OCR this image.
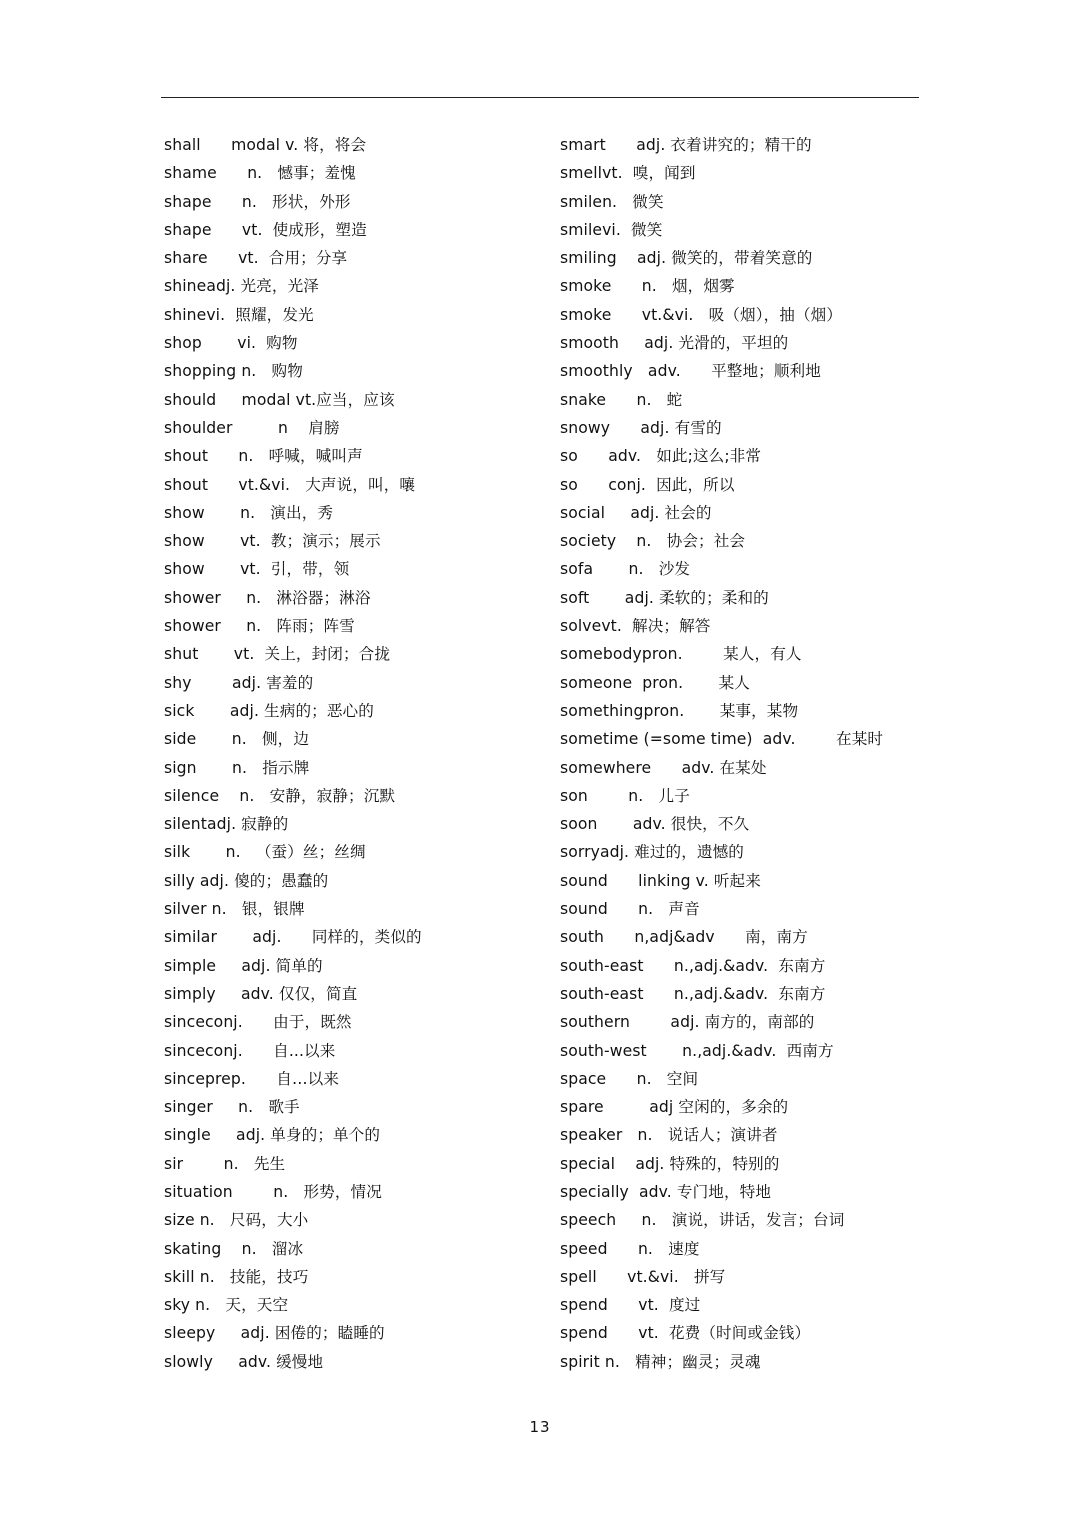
shall      modal v. 将，将会
shame      n.   憾事；羞愧
shape      n.   形状，外形
shape      vt.  使成形，塑造
share      vt.  合用；分享
shineadj. 光亮，光泽
shinevi.  照耀，发光
shop       vi.  购物
shopping n.   购物
should     modal vt.应当，应该
shoulder         n    肩膀
shout      n.   呼喊，喊叫声
shout      vt.&vi.   大声说，叫，嚷
show       n.   演出，秀
show       vt.  教；演示；展示
show       vt.  引，带，领
shower     n.   淋浴器；淋浴
shower     n.   阵雨；阵雪
shut       vt.  关上，封闭；合拢
shy        adj. 害羞的
sick       adj. 生病的；恶心的
side       n.   侧，边
sign       n.   指示牌
silence    n.   安静，寂静；沉默
silentadj. 寂静的
silk       n.   （蚕）丝；丝绸
silly adj. 傻的；愚蠢的
silver n.   银，银牌
similar       adj.      同样的，类似的
simple     adj. 简单的
simply     adv. 仅仅，简直
sinceconj.      由于，既然
sinceconj.      自...以来
sinceprep.      自…以来
singer     n.   歌手
single     adj. 单身的；单个的
sir        n.   先生
situation        n.   形势，情况
size n.   尺码，大小
skating    n.   溜冰
skill n.   技能，技巧
sky n.   天，天空
sleepy     adj. 困倦的；瞌睡的
slowly     adv. 缓慢地
smart      adj. 衣着讲究的；精干的
smellvt.  嗅，闻到
smilen.   微笑
smilevi.  微笑
smiling    adj. 微笑的，带着笑意的
smoke      n.   烟，烟雾
smoke      vt.&vi.   吸（烟），抽（烟）
smooth     adj. 光滑的，平坦的
smoothly   adv.      平整地；顺利地
snake      n.   蛇
snowy      adj. 有雪的
so      adv.   如此;这么;非常
so      conj.  因此，所以
social     adj. 社会的
society    n.   协会；社会
sofa       n.   沙发
soft       adj. 柔软的；柔和的
solvevt.  解决；解答
somebodypron.        某人，有人
someone  pron.       某人
somethingpron.       某事，某物
sometime (=some time)  adv.        在某时
somewhere      adv. 在某处
son        n.   儿子
soon       adv. 很快，不久
sorryadj. 难过的，遗憾的
sound      linking v. 听起来
sound      n.   声音
south      n,adj&adv      南，南方
south-east      n.,adj.&adv.  东南方
south-east      n.,adj.&adv.  东南方
southern        adj. 南方的，南部的
south-west       n.,adj.&adv.  西南方
space      n.   空间
spare         adj 空闲的，多余的
speaker   n.   说话人；演讲者
special    adj. 特殊的，特别的
specially  adv. 专门地，特地
speech     n.   演说，讲话，发言；台词
speed      n.   速度
spell      vt.&vi.   拼写
spend      vt.  度过
spend      vt.  花费（时间或金钱）
spirit n.   精神；幽灵；灵魂
13
